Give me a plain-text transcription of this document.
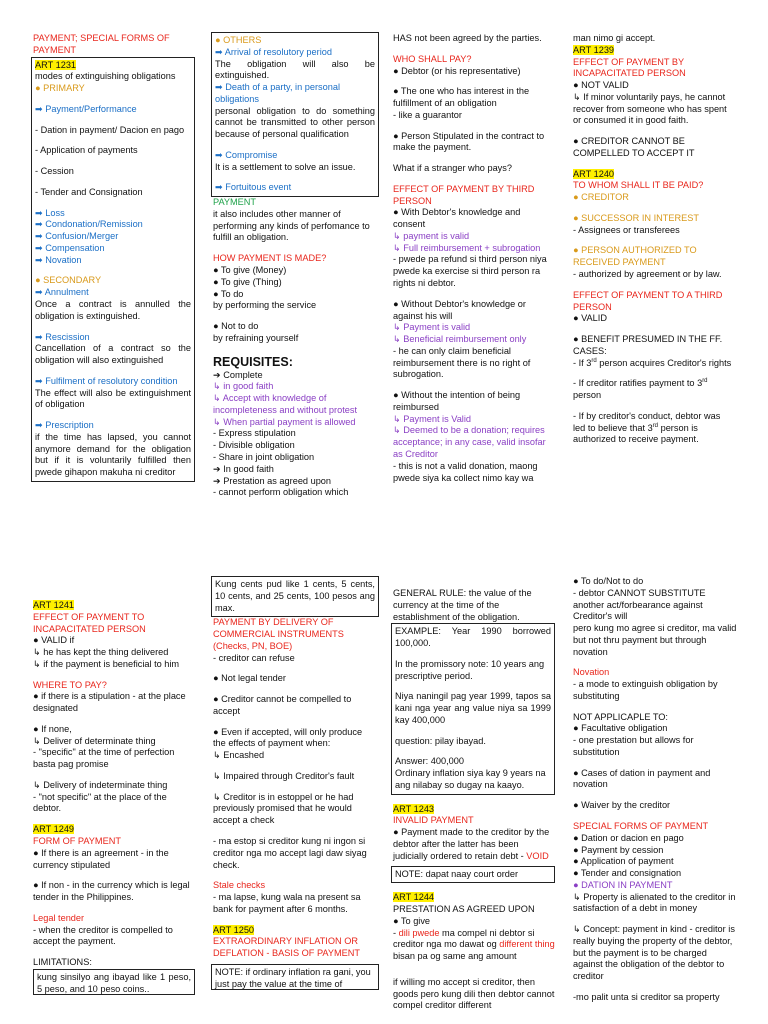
PAYMENT; SPECIAL FORMS OF PAYMENT

ART 1231

modes of extinguishing obligations

● PRIMARY

➡ Payment/Performance

- Dation in payment/ Dacion en pago

- Application of payments

- Cession

- Tender and Consignation

➡ Loss

➡ Condonation/Remission

➡ Confusion/Merger

➡ Compensation

➡ Novation

● SECONDARY

➡ Annulment

Once a contract is annulled the obligation is extinguished.

➡ Rescission

Cancellation of a contract so the obligation will also extinguished

➡ Fulfilment of resolutory condition

The effect will also be extinguishment of obligation

➡ Prescription

if the time has lapsed, you cannot anymore demand for the obligation but if it is voluntarily fulfilled then pwede gihapon makuha ni creditor

● OTHERS

➡ Arrival of resolutory period

The obligation will also be extinguished.

➡ Death of a party, in personal obligations

personal obligation to do something cannot be transmitted to other person because of personal qualification

➡ Compromise

It is a settlement to solve an issue.

➡ Fortuitous event

PAYMENT

it also includes other manner of performing any kinds of perfomance to fulfill an obligation.

HOW PAYMENT IS MADE?

● To give (Money)

● To give (Thing)

● To do

by performing the service

● Not to do

by refraining yourself

REQUISITES:

➔ Complete

↳ in good faith

↳ Accept with knowledge of incompleteness and without protest

↳ When partial payment is allowed

- Express stipulation

- Divisible obligation

- Share in joint obligation

➔ In good faith

➔ Prestation as agreed upon

- cannot perform obligation which

HAS not been agreed by the parties.

WHO SHALL PAY?

● Debtor (or his representative)

● The one who has interest in the fulfillment of an obligation

- like a guarantor

● Person Stipulated in the contract to make the payment.

What if a stranger who pays?

EFFECT OF PAYMENT BY THIRD PERSON

● With Debtor's knowledge and consent

↳ payment is valid

↳ Full reimbursement + subrogation

- pwede pa refund si third person niya pwede ka exercise si third person ra rights ni debtor.

● Without Debtor's knowledge or against his will

↳ Payment is valid

↳ Beneficial reimbursement only

- he can only claim beneficial reimbursement there is no right of subrogation.

● Without the intention of being reimbursed

↳ Payment is Valid

↳ Deemed to be a donation; requires acceptance; in any case, valid insofar as Creditor

- this is not a valid donation, maong pwede siya ka collect nimo kay wa

man nimo gi accept.

ART 1239

EFFECT OF PAYMENT BY INCAPACITATED PERSON

● NOT VALID

↳ If minor voluntarily pays, he cannot recover from someone who has spent or consumed it in good faith.

● CREDITOR CANNOT BE COMPELLED TO ACCEPT IT

ART 1240

TO WHOM SHALL IT BE PAID?

● CREDITOR

● SUCCESSOR IN INTEREST

- Assignees or transferees

● PERSON AUTHORIZED TO RECEIVED PAYMENT

- authorized by agreement or by law.

EFFECT OF PAYMENT TO A THIRD PERSON

● VALID

● BENEFIT PRESUMED IN THE FF. CASES:

- If 3rd person acquires Creditor's rights

- If creditor ratifies payment to 3rd person

- If by creditor's conduct, debtor was led to believe that 3rd person is authorized to receive payment.

ART 1241

EFFECT OF PAYMENT TO INCAPACITATED PERSON

● VALID if

↳ he has kept the thing delivered

↳ if the payment is beneficial to him

WHERE TO PAY?

● if there is a stipulation - at the place designated

● If none,

↳ Deliver of determinate thing

- "specific" at the time of perfection

basta pag promise

↳ Delivery of indeterminate thing

- "not specific" at the place of the debtor.

ART 1249

FORM OF PAYMENT

● If there is an agreement - in the currency stipulated

● If non - in the currency which is legal tender in the Philippines.

Legal tender

- when the creditor is compelled to accept the payment.

LIMITATIONS:

kung sinsilyo ang ibayad like 1 peso, 5 peso, and 10 peso coins..
Kung cents pud like 1 cents, 5 cents, 10 cents, and 25 cents, 100 pesos ang max.

PAYMENT BY DELIVERY OF COMMERCIAL INSTRUMENTS

(Checks, PN, BOE)

- creditor can refuse

● Not legal tender

● Creditor cannot be compelled to accept

● Even if accepted, will only produce the effects of payment when:

↳ Encashed

↳ Impaired through Creditor's fault

↳ Creditor is in estoppel or he had previously promised that he would accept a check

- ma estop si creditor kung ni ingon si creditor nga mo accept lagi daw siyag check.

Stale checks

- ma lapse, kung wala na present sa bank for payment after 6 months.

ART 1250

EXTRAORDINARY INFLATION OR DEFLATION - BASIS OF PAYMENT

NOTE: if ordinary inflation ra gani, you just pay the value at the time of

GENERAL RULE: the value of the currency at the time of the establishment of the obligation.

EXAMPLE: Year 1990 borrowed 100,000.

In the promissory note: 10 years ang prescriptive period.

Niya naningil pag year 1999, tapos sa kani nga year ang value niya sa 1999 kay 400,000

question: pilay ibayad.

Answer: 400,000

Ordinary inflation siya kay 9 years na ang nilabay so dugay na kaayo.

ART 1243

INVALID PAYMENT

● Payment made to the creditor by the debtor after the latter has been judicially ordered to retain debt - VOID

NOTE: dapat naay court order

ART 1244

PRESTATION AS AGREED UPON

● To give

- dili pwede ma compel ni debtor si creditor nga mo dawat og different thing bisan pa og same ang amount

if willing mo accept si creditor, then goods pero kung dili then debtor cannot compel creditor different

● To do/Not to do

- debtor CANNOT SUBSTITUTE another act/forbearance against Creditor's will

pero kung mo agree si creditor, ma valid but not thru payment but through novation

Novation

- a mode to extinguish obligation by substituting

NOT APPLICAPLE TO:

● Facultative obligation

- one prestation but allows for substitution

● Cases of dation in payment and novation

● Waiver by the creditor

SPECIAL FORMS OF PAYMENT

● Dation or dacion en pago

● Payment by cession

● Application of payment

● Tender and consignation

● DATION IN PAYMENT

↳ Property is alienated to the creditor in satisfaction of a debt in money

↳ Concept: payment in kind - creditor is really buying the property of the debtor, but the payment is to be charged against the obligation of the debtor to creditor

-mo palit unta si creditor sa property
